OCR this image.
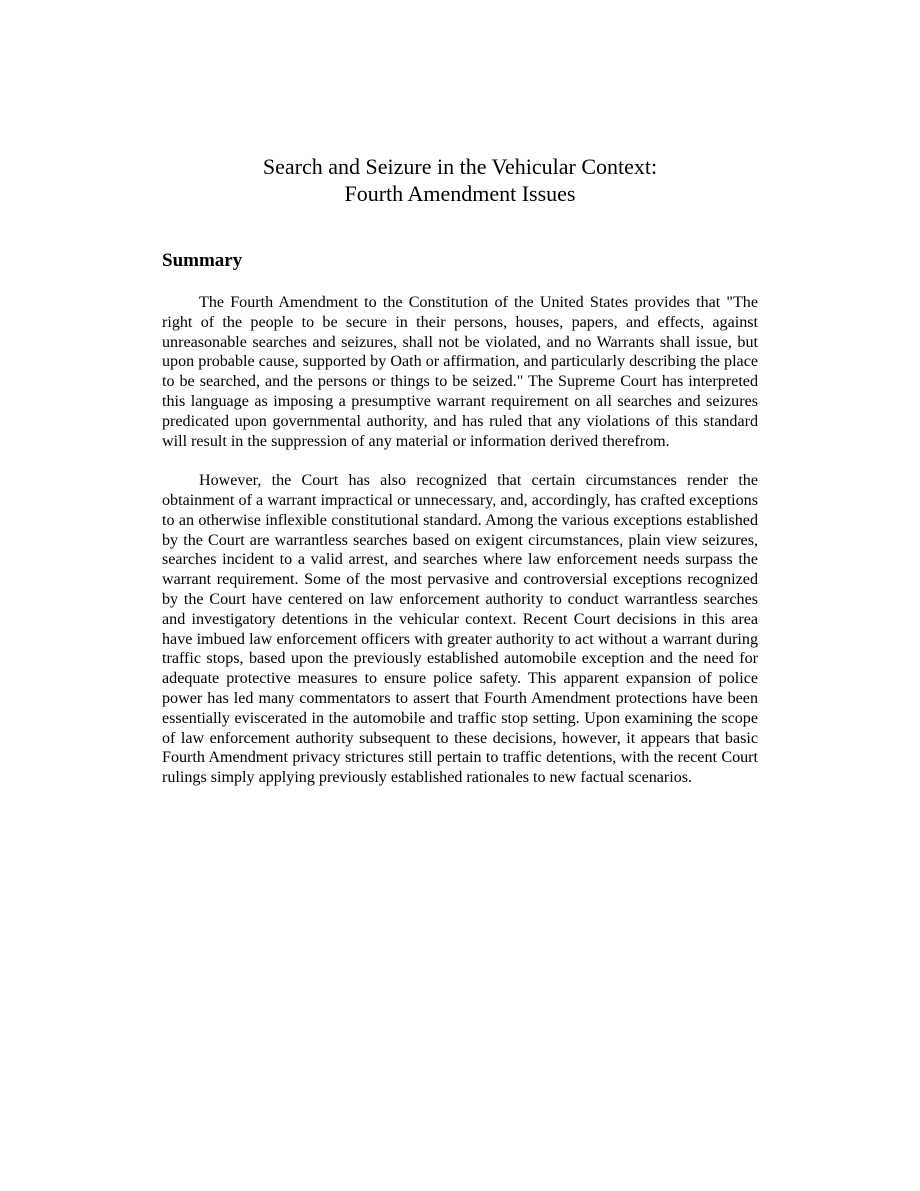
Search and Seizure in the Vehicular Context:
Fourth Amendment Issues
Summary

The Fourth Amendment to the Constitution of the United States provides that "The right of the people to be secure in their persons, houses, papers, and effects, against unreasonable searches and seizures, shall not be violated, and no Warrants shall issue, but upon probable cause, supported by Oath or affirmation, and particularly describing the place to be searched, and the persons or things to be seized." The Supreme Court has interpreted this language as imposing a presumptive warrant requirement on all searches and seizures predicated upon governmental authority, and has ruled that any violations of this standard will result in the suppression of any material or information derived therefrom.

However, the Court has also recognized that certain circumstances render the obtainment of a warrant impractical or unnecessary, and, accordingly, has crafted exceptions to an otherwise inflexible constitutional standard. Among the various exceptions established by the Court are warrantless searches based on exigent circumstances, plain view seizures, searches incident to a valid arrest, and searches where law enforcement needs surpass the warrant requirement. Some of the most pervasive and controversial exceptions recognized by the Court have centered on law enforcement authority to conduct warrantless searches and investigatory detentions in the vehicular context. Recent Court decisions in this area have imbued law enforcement officers with greater authority to act without a warrant during traffic stops, based upon the previously established automobile exception and the need for adequate protective measures to ensure police safety. This apparent expansion of police power has led many commentators to assert that Fourth Amendment protections have been essentially eviscerated in the automobile and traffic stop setting. Upon examining the scope of law enforcement authority subsequent to these decisions, however, it appears that basic Fourth Amendment privacy strictures still pertain to traffic detentions, with the recent Court rulings simply applying previously established rationales to new factual scenarios.
